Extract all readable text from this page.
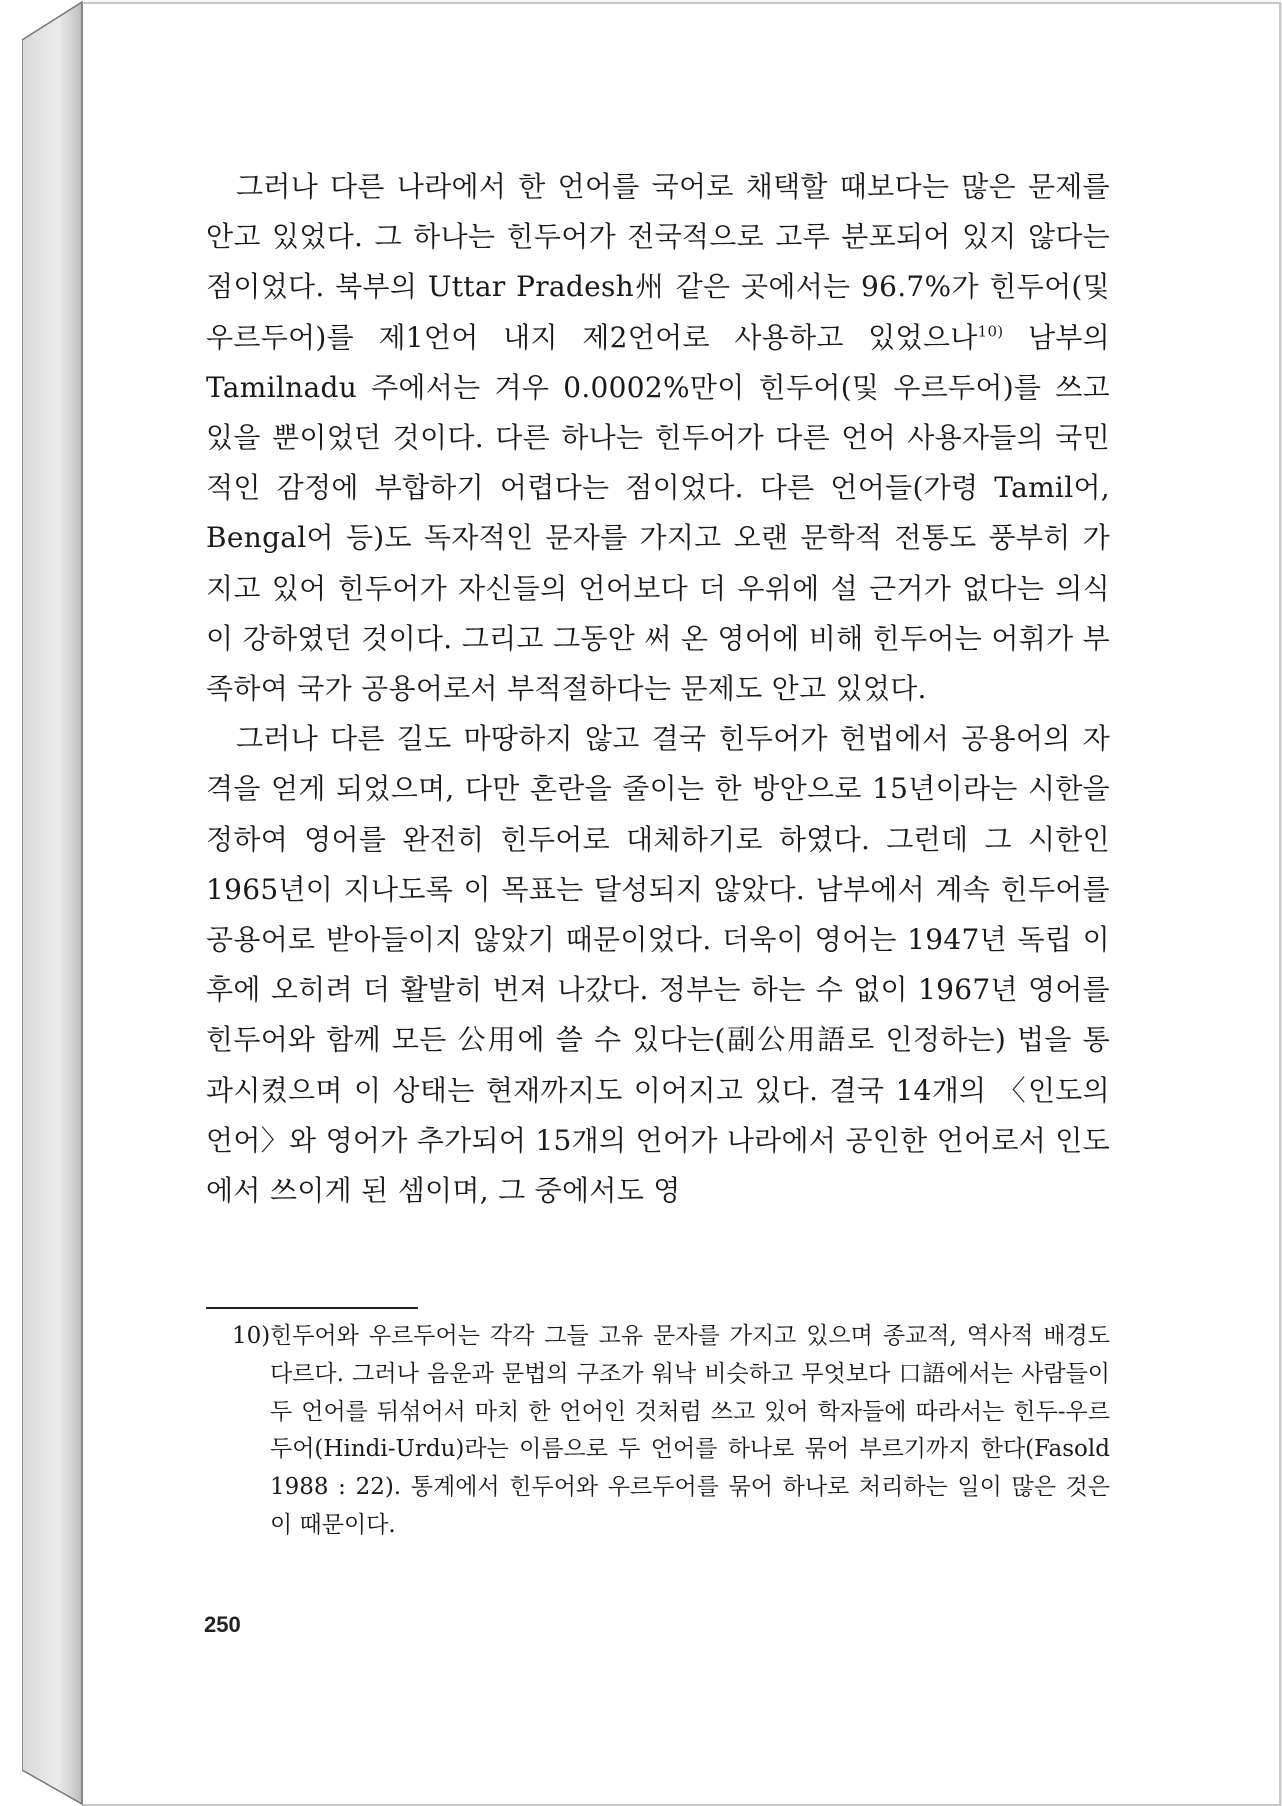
그러나 다른 나라에서 한 언어를 국어로 채택할 때보다는 많은 문제를 안고 있었다. 그 하나는 힌두어가 전국적으로 고루 분포되어 있지 않다는 점이었다. 북부의 Uttar Pradesh州 같은 곳에서는 96.7%가 힌두어(및 우르두어)를 제1언어 내지 제2언어로 사용하고 있었으나$^{10)}$ 남부의 Tamilnadu 주에서는 겨우 0.0002%만이 힌두어(및 우르두어)를 쓰고 있을 뿐이었던 것이다. 다른 하나는 힌두어가 다른 언어 사용자들의 국민적인 감정에 부합하기 어렵다는 점이었다. 다른 언어들(가령 Tamil어, Bengal어 등)도 독자적인 문자를 가지고 오랜 문학적 전통도 풍부히 가지고 있어 힌두어가 자신들의 언어보다 더 우위에 설 근거가 없다는 의식이 강하였던 것이다. 그리고 그동안 써 온 영어에 비해 힌두어는 어휘가 부족하여 국가 공용어로서 부적절하다는 문제도 안고 있었다.

그러나 다른 길도 마땅하지 않고 결국 힌두어가 헌법에서 공용어의 자격을 얻게 되었으며, 다만 혼란을 줄이는 한 방안으로 15년이라는 시한을 정하여 영어를 완전히 힌두어로 대체하기로 하였다. 그런데 그 시한인 1965년이 지나도록 이 목표는 달성되지 않았다. 남부에서 계속 힌두어를 공용어로 받아들이지 않았기 때문이었다. 더욱이 영어는 1947년 독립 이후에 오히려 더 활발히 번져 나갔다. 정부는 하는 수 없이 1967년 영어를 힌두어와 함께 모든 公用에 쓸 수 있다는(副公用語로 인정하는) 법을 통과시켰으며 이 상태는 현재까지도 이어지고 있다. 결국 14개의 〈인도의 언어〉와 영어가 추가되어 15개의 언어가 나라에서 공인한 언어로서 인도에서 쓰이게 된 셈이며, 그 중에서도 영

10)힌두어와 우르두어는 각각 그들 고유 문자를 가지고 있으며 종교적, 역사적 배경도 다르다. 그러나 음운과 문법의 구조가 워낙 비슷하고 무엇보다 口語에서는 사람들이 두 언어를 뒤섞어서 마치 한 언어인 것처럼 쓰고 있어 학자들에 따라서는 힌두-우르두어(Hindi-Urdu)라는 이름으로 두 언어를 하나로 묶어 부르기까지 한다(Fasold 1988 : 22). 통계에서 힌두어와 우르두어를 묶어 하나로 처리하는 일이 많은 것은 이 때문이다.
250
